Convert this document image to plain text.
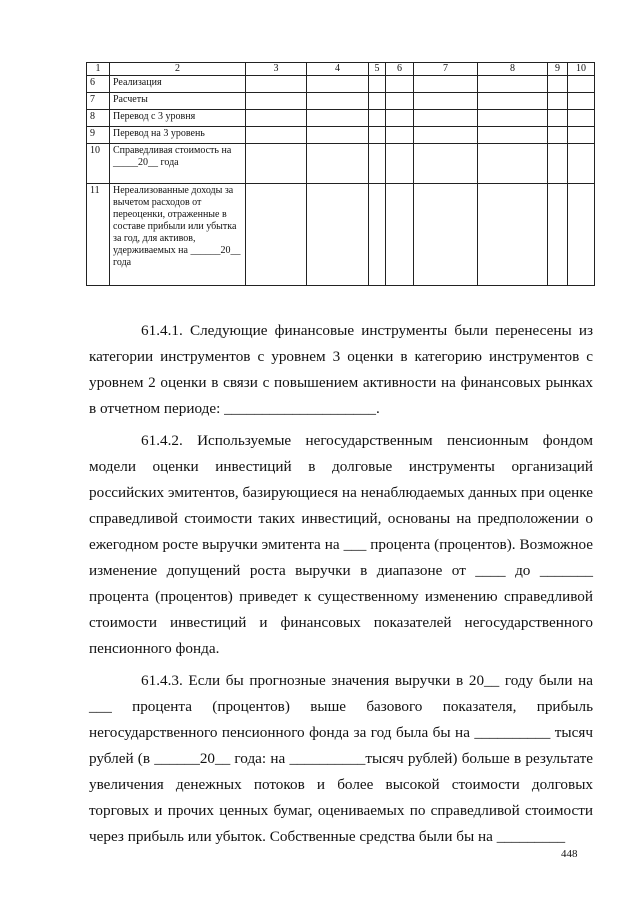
1	2	3	4	5	6	7	8	9	10
6	Реализация								
7	Расчеты								
8	Перевод с 3 уровня								
9	Перевод на 3 уровень								
10	Справедливая стоимость на _____20__ года								
11	Нереализованные доходы за вычетом расходов от переоценки, отраженные в составе прибыли или убытка за год, для активов, удерживаемых на ______20__ года								

61.4.1. Следующие финансовые инструменты были перенесены из категории инструментов с уровнем 3 оценки в категорию инструментов с уровнем 2 оценки в связи с повышением активности на финансовых рынках в отчетном периоде: ____________________.

61.4.2. Используемые негосударственным пенсионным фондом модели оценки инвестиций в долговые инструменты организаций российских эмитентов, базирующиеся на ненаблюдаемых данных при оценке справедливой стоимости таких инвестиций, основаны на предположении о ежегодном росте выручки эмитента на ___ процента (процентов). Возможное изменение допущений роста выручки в диапазоне от ____ до _______ процента (процентов) приведет к существенному изменению справедливой стоимости инвестиций и финансовых показателей негосударственного пенсионного фонда.

61.4.3. Если бы прогнозные значения выручки в 20__ году были на ___ процента (процентов) выше базового показателя, прибыль негосударственного пенсионного фонда за год была бы на __________ тысяч рублей (в ______20__ года: на __________тысяч рублей) больше в результате увеличения денежных потоков и более высокой стоимости долговых торговых и прочих ценных бумаг, оцениваемых по справедливой стоимости через прибыль или убыток. Собственные средства были бы на _________

448
